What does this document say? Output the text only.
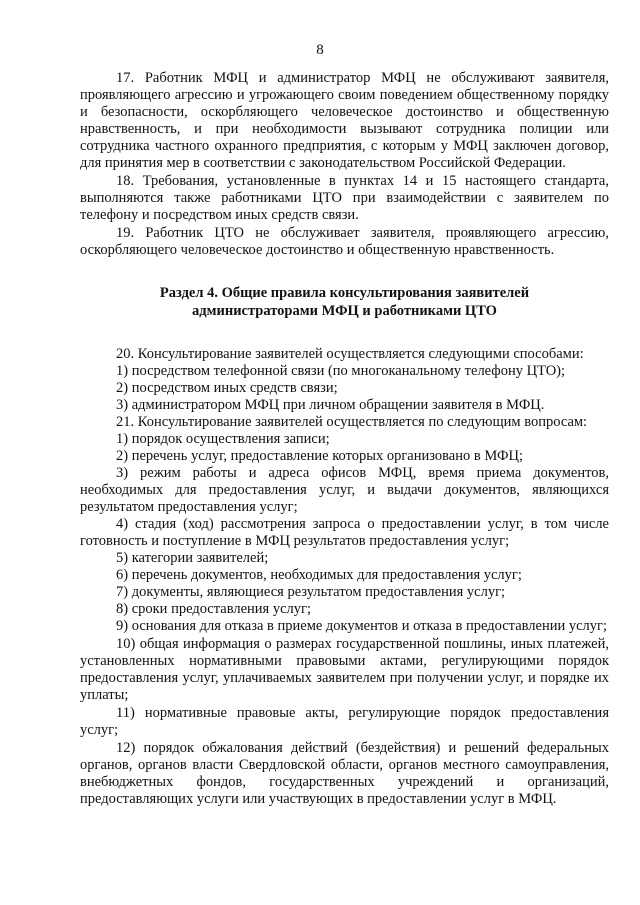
8

17. Работник МФЦ и администратор МФЦ не обслуживают заявителя, проявляющего агрессию и угрожающего своим поведением общественному порядку и безопасности, оскорбляющего человеческое достоинство и общественную нравственность, и при необходимости вызывают сотрудника полиции или сотрудника частного охранного предприятия, с которым у МФЦ заключен договор, для принятия мер в соответствии с законодательством Российской Федерации.

18. Требования, установленные в пунктах 14 и 15 настоящего стандарта, выполняются также работниками ЦТО при взаимодействии с заявителем по телефону и посредством иных средств связи.

19. Работник ЦТО не обслуживает заявителя, проявляющего агрессию, оскорбляющего человеческое достоинство и общественную нравственность.

Раздел 4. Общие правила консультирования заявителей
администраторами МФЦ и работниками ЦТО

20. Консультирование заявителей осуществляется следующими способами:

1) посредством телефонной связи (по многоканальному телефону ЦТО);

2) посредством иных средств связи;

3) администратором МФЦ при личном обращении заявителя в МФЦ.

21. Консультирование заявителей осуществляется по следующим вопросам:

1) порядок осуществления записи;

2) перечень услуг, предоставление которых организовано в МФЦ;

3) режим работы и адреса офисов МФЦ, время приема документов, необходимых для предоставления услуг, и выдачи документов, являющихся результатом предоставления услуг;

4) стадия (ход) рассмотрения запроса о предоставлении услуг, в том числе готовность и поступление в МФЦ результатов предоставления услуг;

5) категории заявителей;

6) перечень документов, необходимых для предоставления услуг;

7) документы, являющиеся результатом предоставления услуг;

8) сроки предоставления услуг;

9) основания для отказа в приеме документов и отказа в предоставлении услуг;

10) общая информация о размерах государственной пошлины, иных платежей, установленных нормативными правовыми актами, регулирующими порядок предоставления услуг, уплачиваемых заявителем при получении услуг, и порядке их уплаты;

11) нормативные правовые акты, регулирующие порядок предоставления услуг;

12) порядок обжалования действий (бездействия) и решений федеральных органов, органов власти Свердловской области, органов местного самоуправления, внебюджетных фондов, государственных учреждений и организаций, предоставляющих услуги или участвующих в предоставлении услуг в МФЦ.
